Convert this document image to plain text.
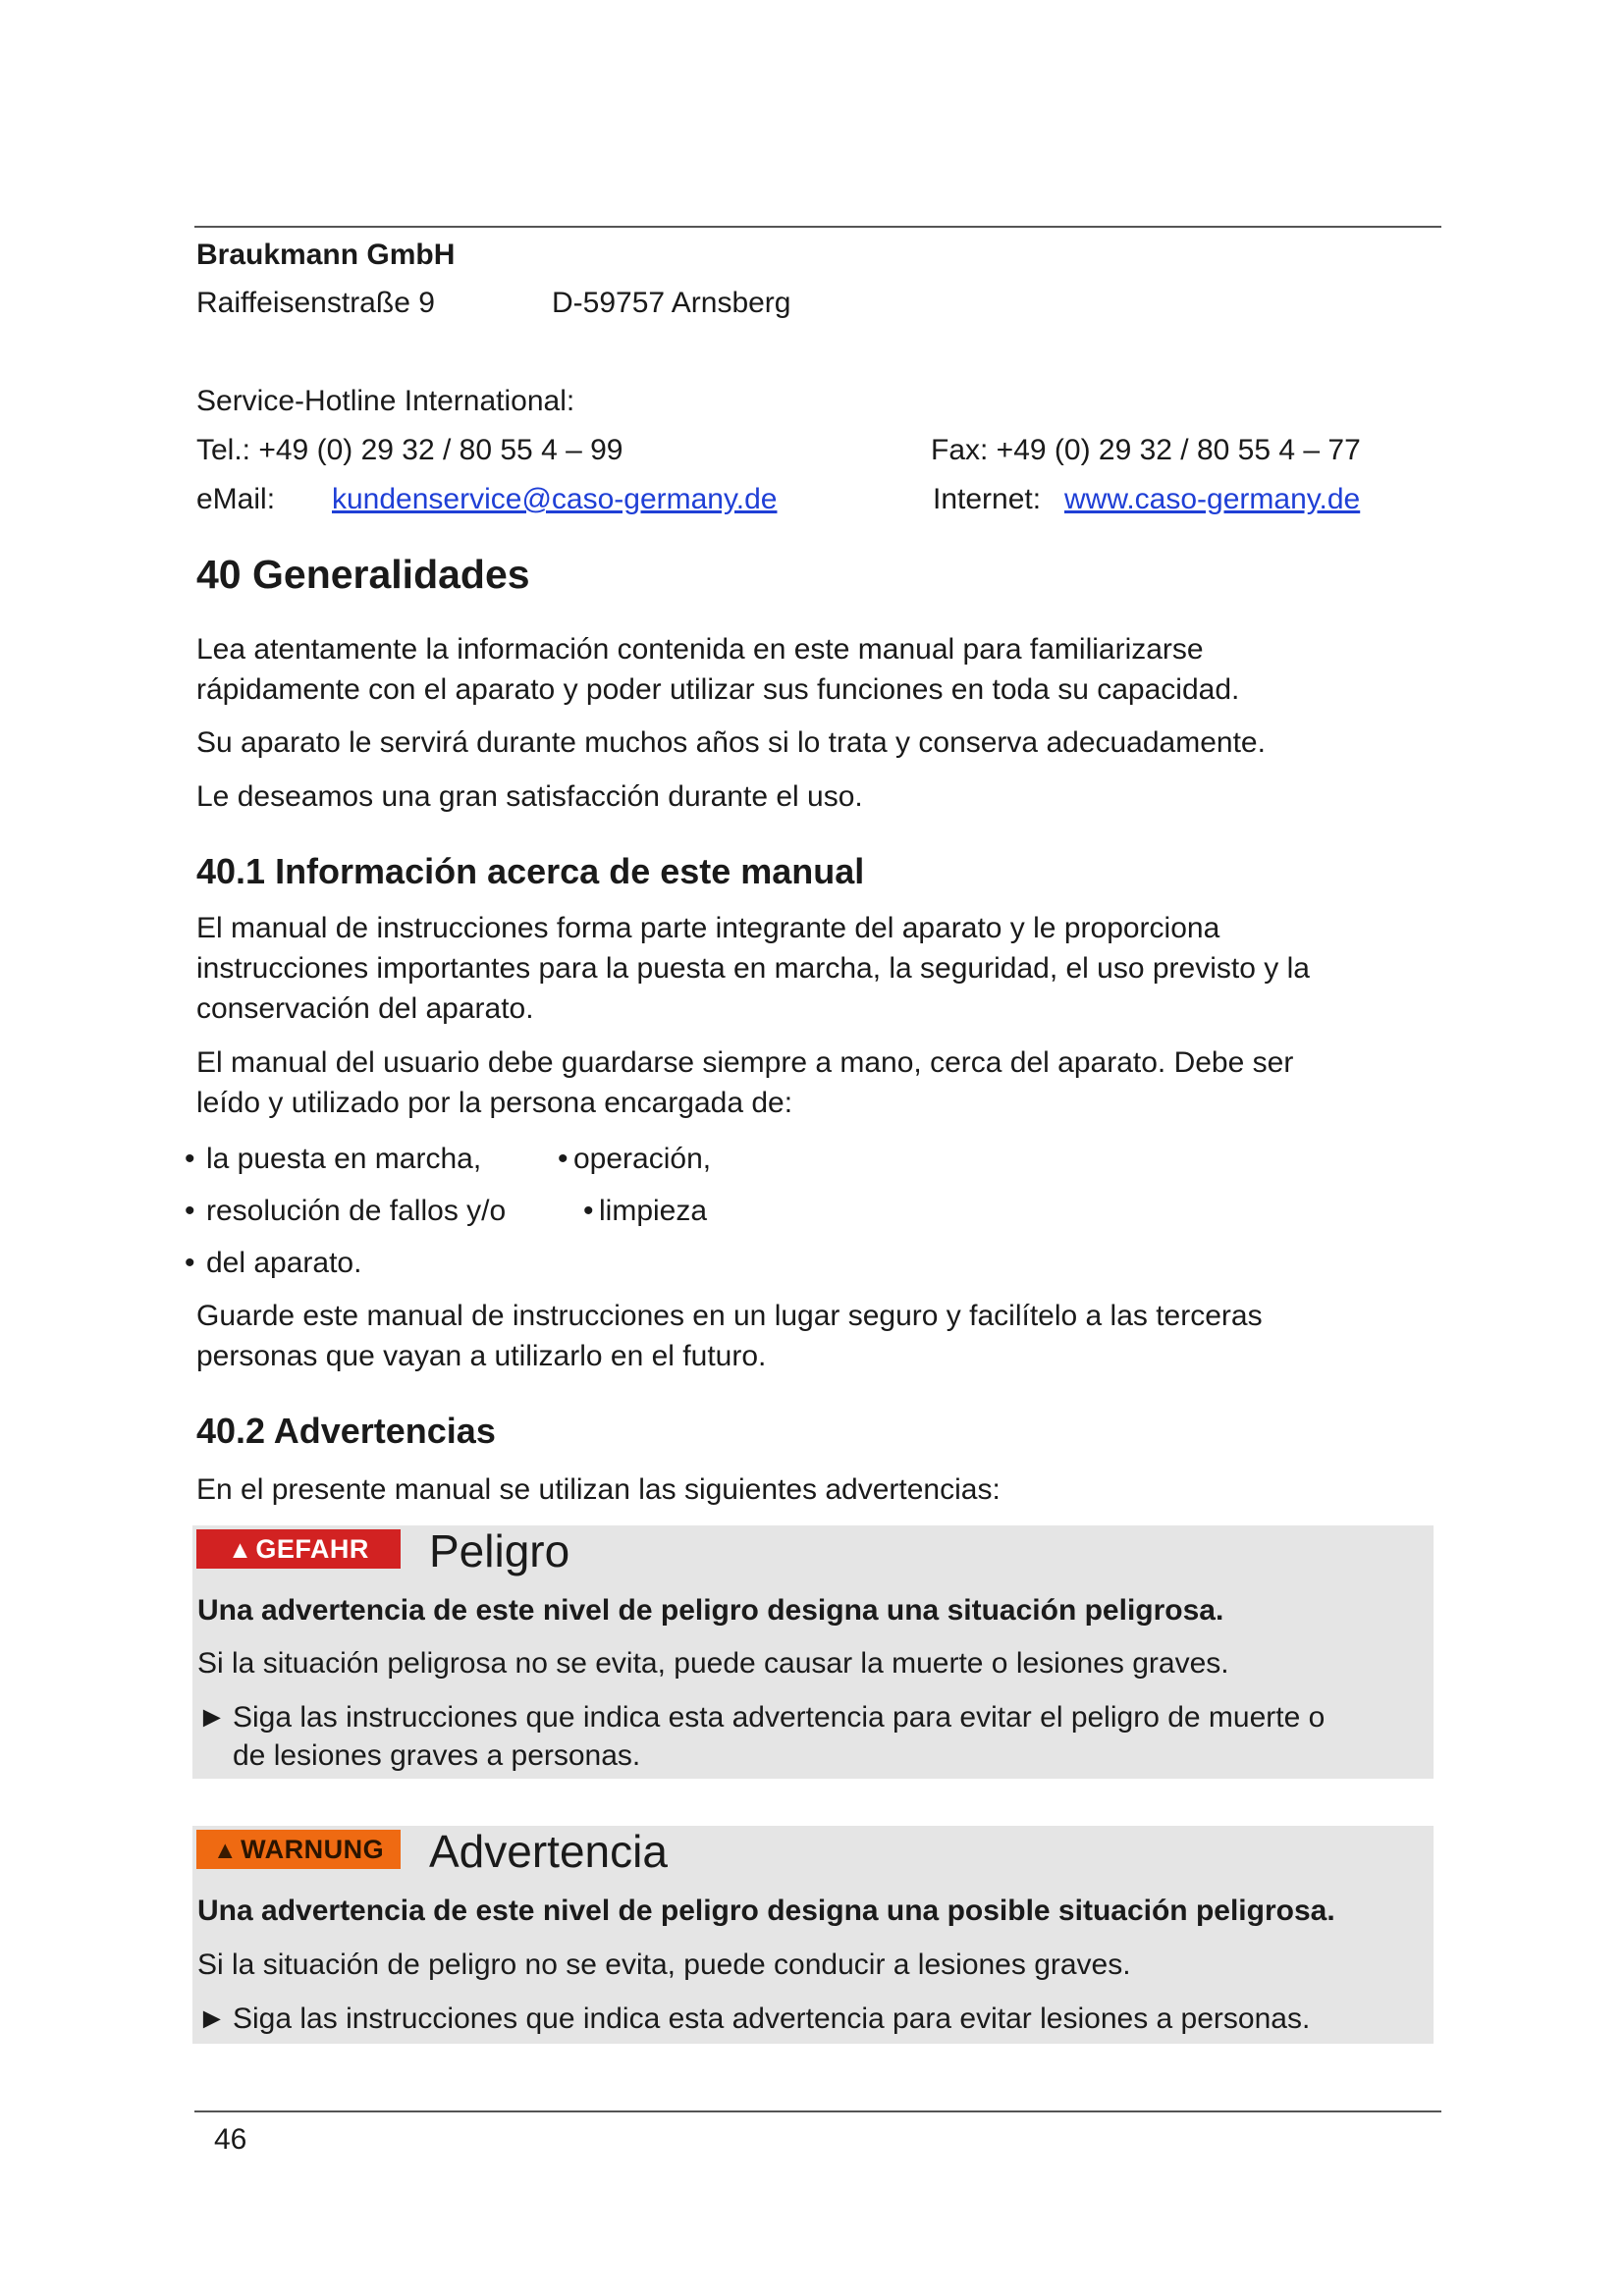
Braukmann GmbH
Raiffeisenstraße 9	D-59757 Arnsberg
Service-Hotline International:
Tel.: +49 (0) 29 32 / 80 55 4 – 99	Fax: +49 (0) 29 32 / 80 55 4 – 77
eMail: kundenservice@caso-germany.de	Internet: www.caso-germany.de
40 Generalidades
Lea atentamente la información contenida en este manual para familiarizarse
rápidamente con el aparato y poder utilizar sus funciones en toda su capacidad.
Su aparato le servirá durante muchos años si lo trata y conserva adecuadamente.
Le deseamos una gran satisfacción durante el uso.
40.1 Información acerca de este manual
El manual de instrucciones forma parte integrante del aparato y le proporciona
instrucciones importantes para la puesta en marcha, la seguridad, el uso previsto y la
conservación del aparato.
El manual del usuario debe guardarse siempre a mano, cerca del aparato. Debe ser
leído y utilizado por la persona encargada de:
• la puesta en marcha,
• resolución de fallos y/o
• del aparato.
• operación,
• limpieza
Guarde este manual de instrucciones en un lugar seguro y facilítelo a las terceras
personas que vayan a utilizarlo en el futuro.
40.2 Advertencias
En el presente manual se utilizan las siguientes advertencias:
▲ GEFAHR	Peligro
Una advertencia de este nivel de peligro designa una situación peligrosa.
Si la situación peligrosa no se evita, puede causar la muerte o lesiones graves.
► Siga las instrucciones que indica esta advertencia para evitar el peligro de muerte o
de lesiones graves a personas.
▲ WARNUNG Advertencia
Una advertencia de este nivel de peligro designa una posible situación peligrosa.
Si la situación de peligro no se evita, puede conducir a lesiones graves.
► Siga las instrucciones que indica esta advertencia para evitar lesiones a personas.
46
